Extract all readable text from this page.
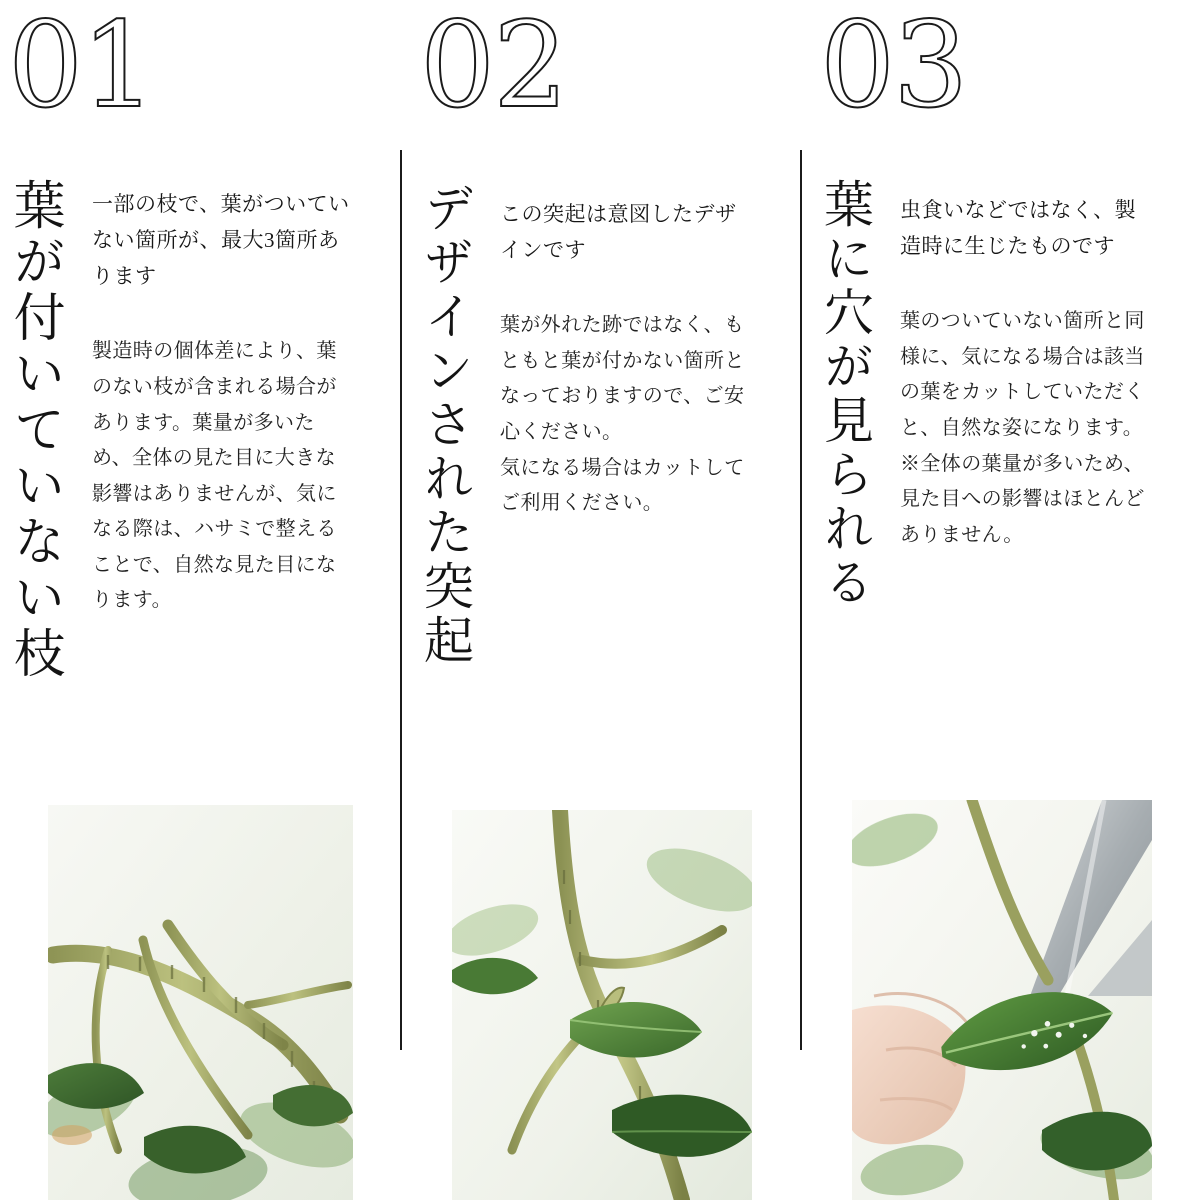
01
葉が付いていない枝 一部の枝で、葉がついていない箇所が、最大3箇所あります

製造時の個体差により、葉のない枝が含まれる場合があります。葉量が多いため、全体の見た目に大きな影響はありませんが、気になる際は、ハサミで整えることで、自然な見た目になります。
02
デザインされた突起 この突起は意図したデザインです

葉が外れた跡ではなく、もともと葉が付かない箇所となっておりますので、ご安心ください。

気になる場合はカットしてご利用ください。

03
葉に穴が見られる 虫食いなどではなく、製造時に生じたものです

葉のついていない箇所と同様に、気になる場合は該当の葉をカットしていただくと、自然な姿になります。

※全体の葉量が多いため、見た目への影響はほとんどありません。
